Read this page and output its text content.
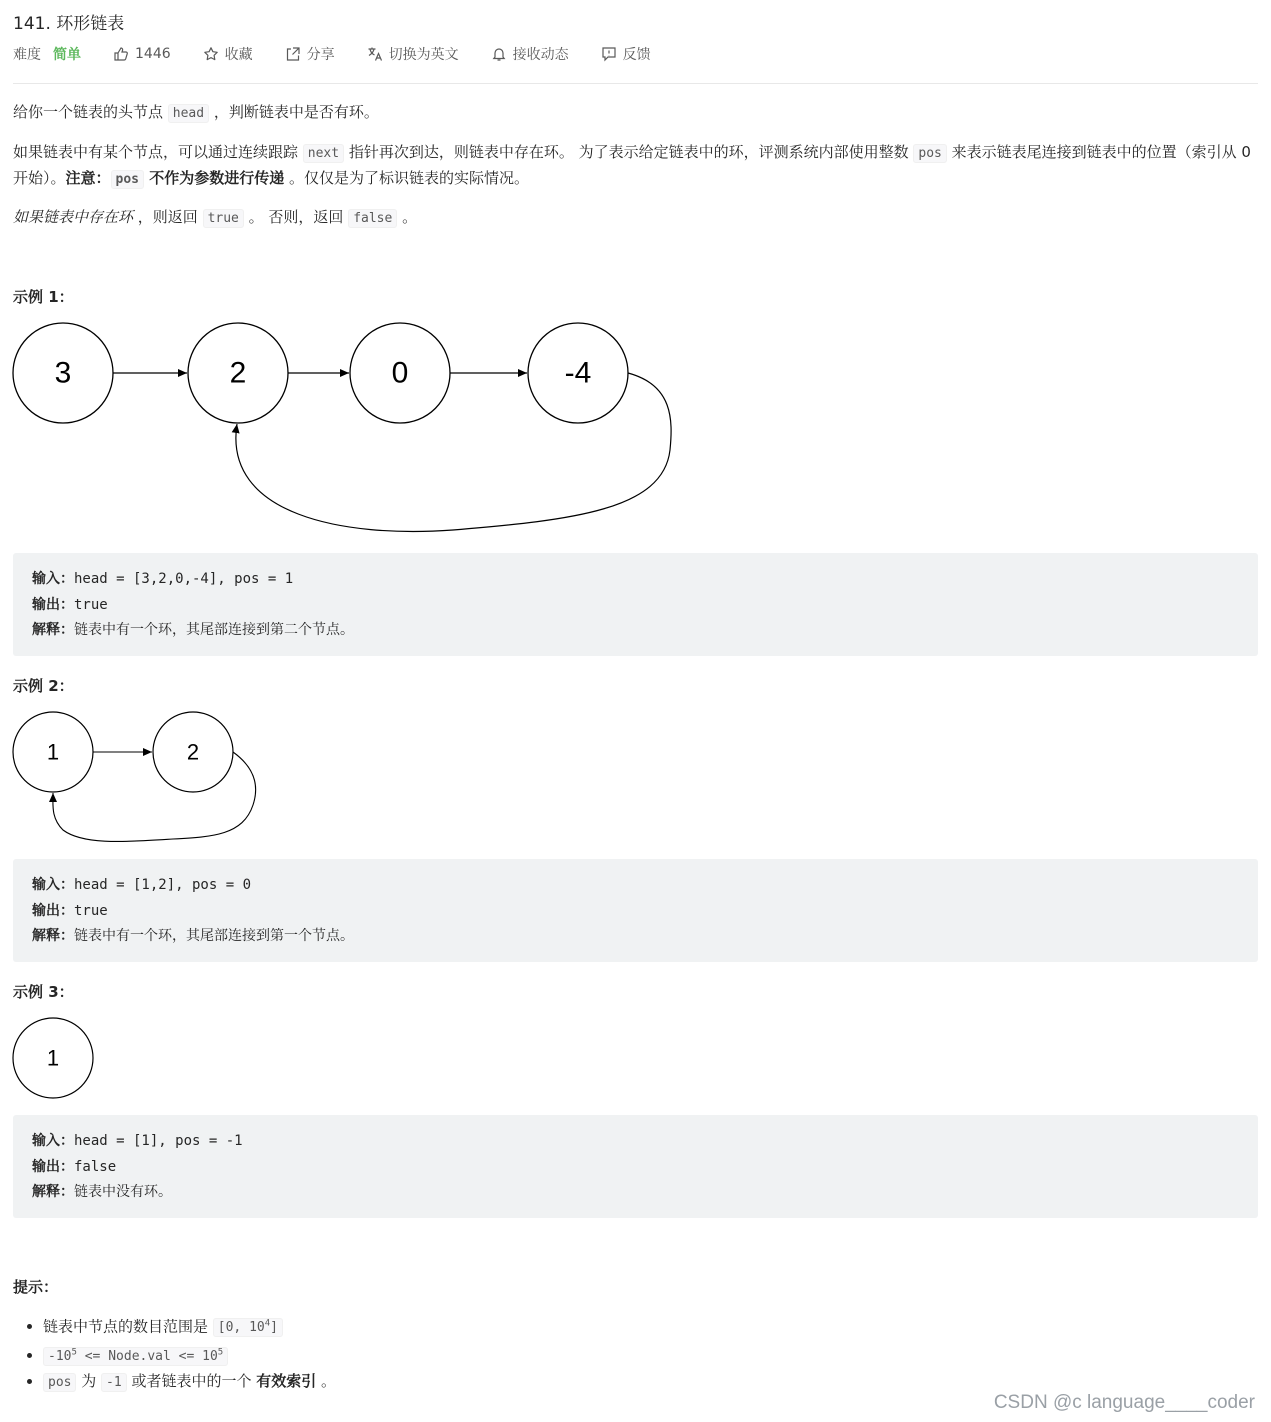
141. 环形链表
难度 简单	1446	收藏	分享	切换为英文	接收动态	反馈
给你一个链表的头节点 head ，判断链表中是否有环。
如果链表中有某个节点，可以通过连续跟踪 next 指针再次到达，则链表中存在环。 为了表示给定链表中的环，评测系统内部使用整数 pos 来表示链表尾连接到链表中的位置（索引从 0 开始）。注意： pos 不作为参数进行传递 。仅仅是为了标识链表的实际情况。
如果链表中存在环 ，则返回 true 。 否则，返回 false 。
示例 1：
3	2	0	-4
输入：head = [3,2,0,-4], pos = 1
输出：true
解释：链表中有一个环，其尾部连接到第二个节点。
示例 2：
1	2
输入：head = [1,2], pos = 0
输出：true
解释：链表中有一个环，其尾部连接到第一个节点。
示例 3：
1
输入：head = [1], pos = -1
输出：false
解释：链表中没有环。
提示：
• 链表中节点的数目范围是 [0, $10^4$]
• $-10^5$ <= Node.val <= $10^5$
• pos 为 -1 或者链表中的一个 有效索引 。
CSDN @c language____coder
